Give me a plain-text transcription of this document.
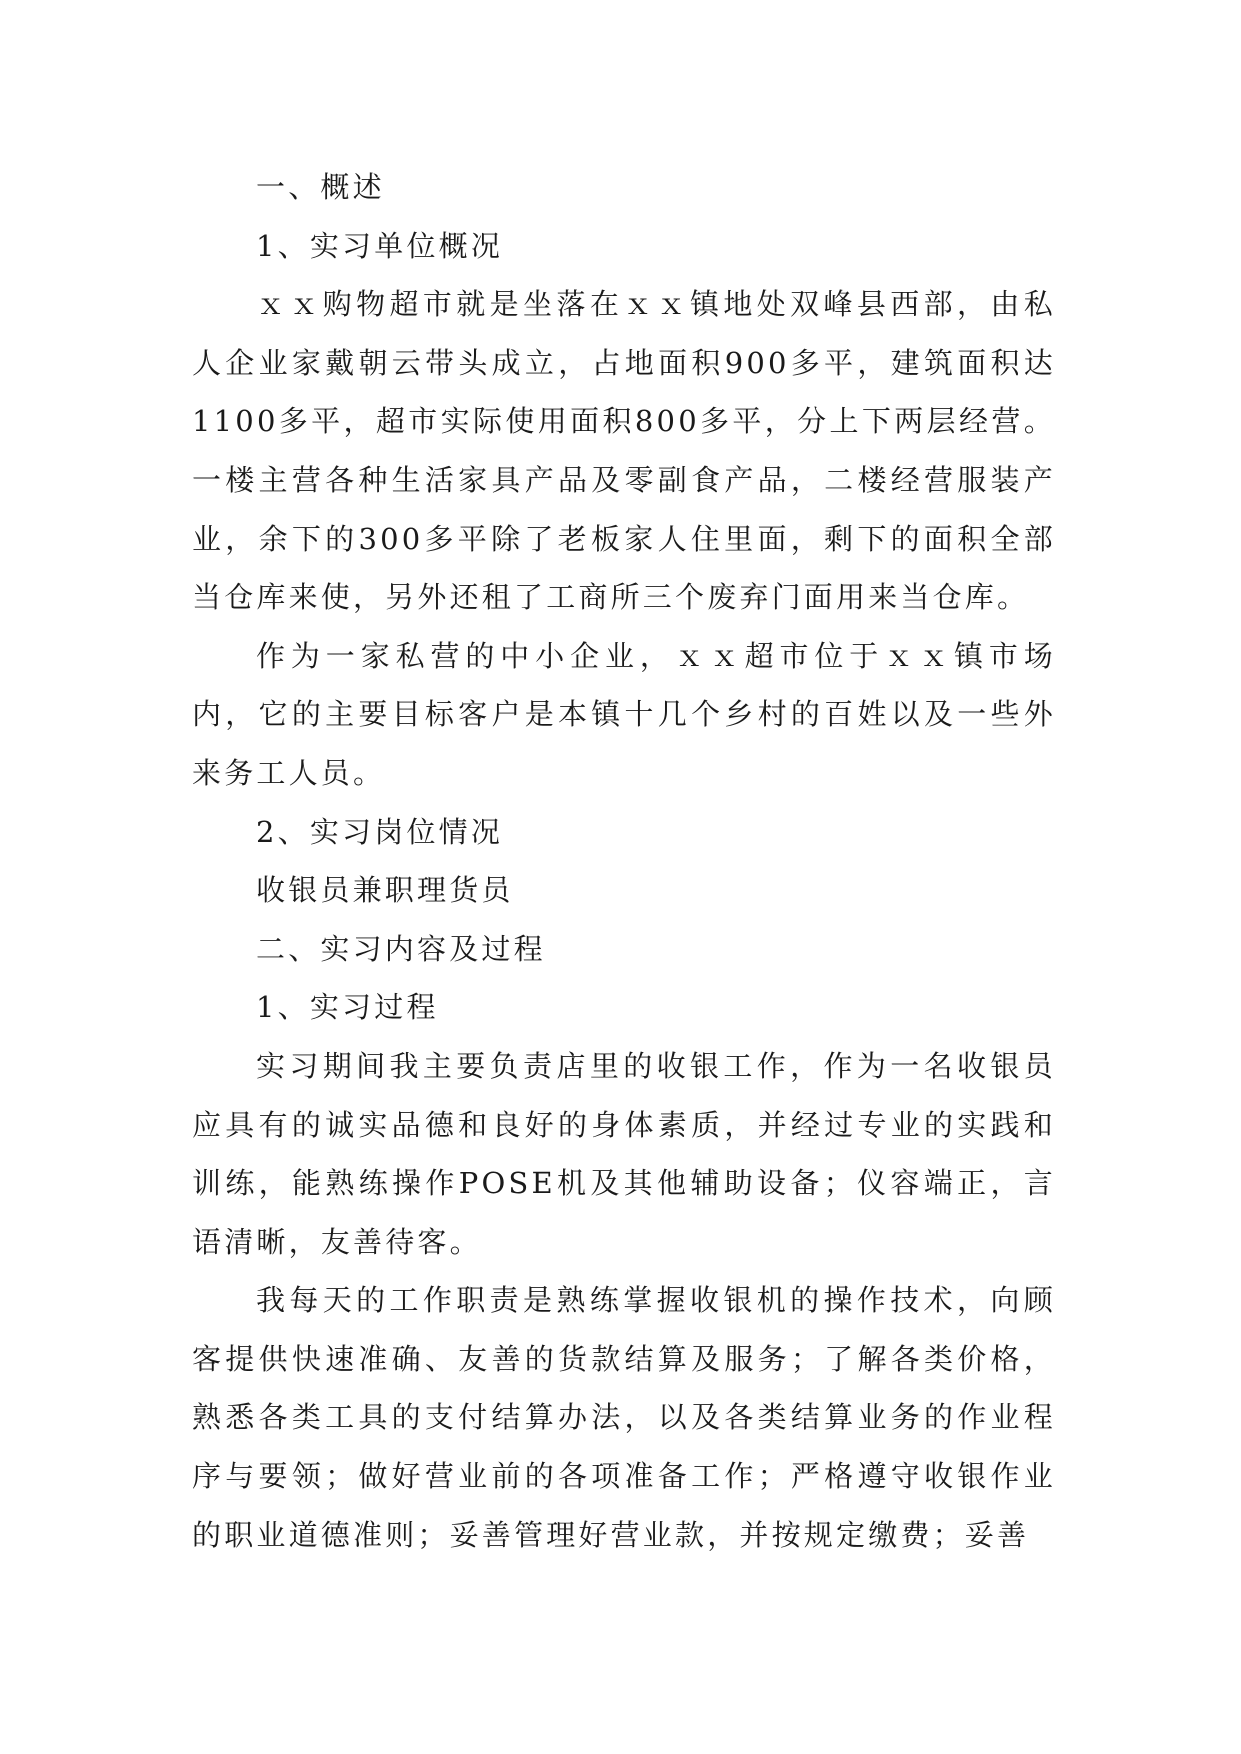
一、概述

1、实习单位概况

ｘｘ购物超市就是坐落在ｘｘ镇地处双峰县西部，由私人企业家戴朝云带头成立，占地面积900多平，建筑面积达1100多平，超市实际使用面积800多平，分上下两层经营。一楼主营各种生活家具产品及零副食产品，二楼经营服装产业，余下的300多平除了老板家人住里面，剩下的面积全部当仓库来使，另外还租了工商所三个废弃门面用来当仓库。

作为一家私营的中小企业，ｘｘ超市位于ｘｘ镇市场内，它的主要目标客户是本镇十几个乡村的百姓以及一些外来务工人员。

2、实习岗位情况

收银员兼职理货员

二、实习内容及过程

1、实习过程

实习期间我主要负责店里的收银工作，作为一名收银员应具有的诚实品德和良好的身体素质，并经过专业的实践和训练，能熟练操作POSE机及其他辅助设备；仪容端正，言语清晰，友善待客。

我每天的工作职责是熟练掌握收银机的操作技术，向顾客提供快速准确、友善的货款结算及服务；了解各类价格，熟悉各类工具的支付结算办法，以及各类结算业务的作业程序与要领；做好营业前的各项准备工作；严格遵守收银作业的职业道德准则；妥善管理好营业款，并按规定缴费；妥善
